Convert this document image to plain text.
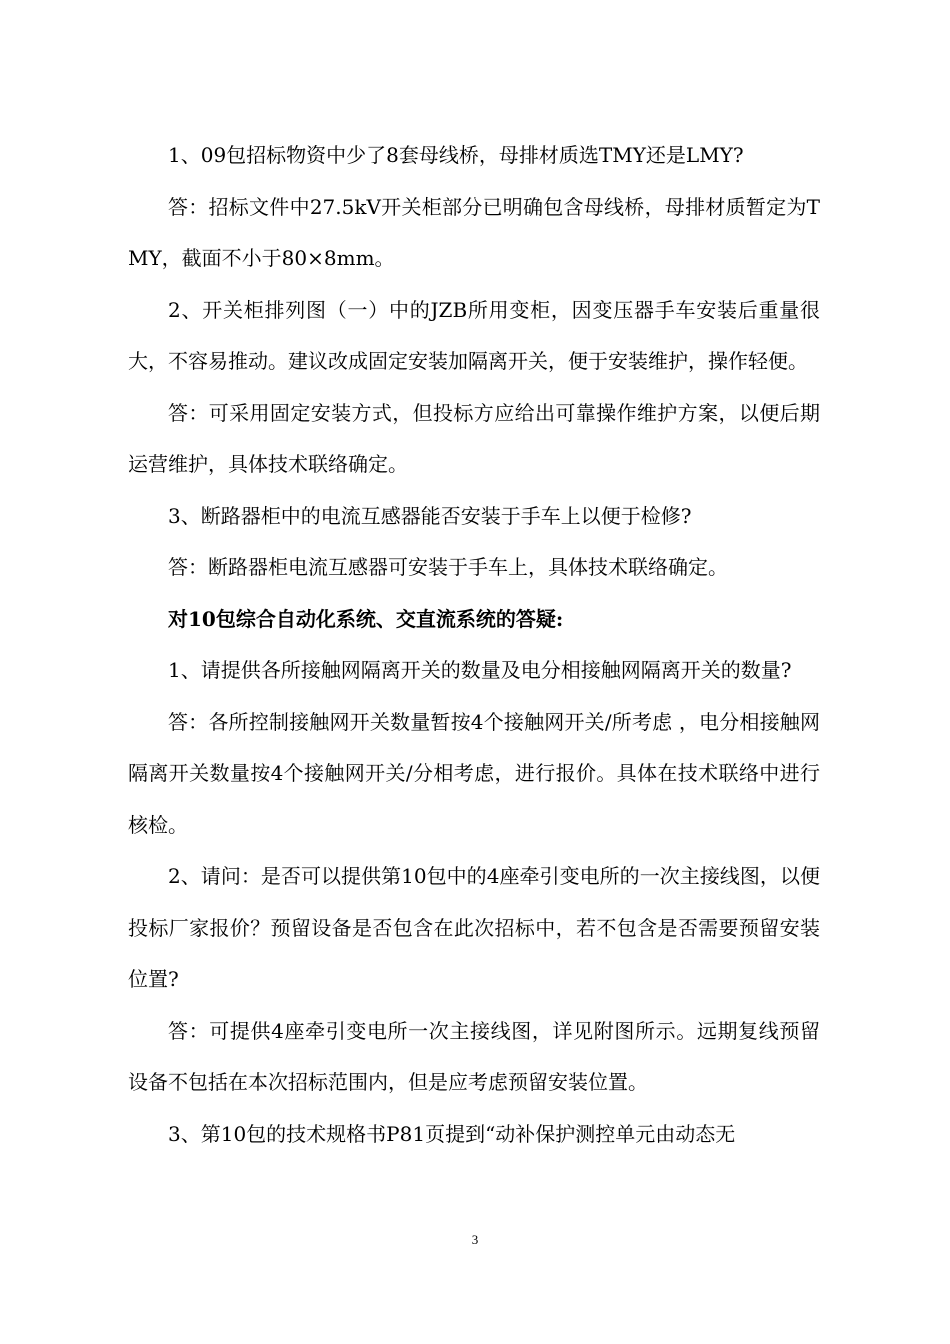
1、09包招标物资中少了8套母线桥，母排材质选TMY还是LMY?

答：招标文件中27.5kV开关柜部分已明确包含母线桥，母排材质暂定为TMY，截面不小于80×8mm。

2、开关柜排列图（一）中的JZB所用变柜，因变压器手车安装后重量很大，不容易推动。建议改成固定安装加隔离开关，便于安装维护，操作轻便。

答：可采用固定安装方式，但投标方应给出可靠操作维护方案，以便后期运营维护，具体技术联络确定。

3、断路器柜中的电流互感器能否安装于手车上以便于检修?

答：断路器柜电流互感器可安装于手车上，具体技术联络确定。

对10包综合自动化系统、交直流系统的答疑:

1、请提供各所接触网隔离开关的数量及电分相接触网隔离开关的数量?

答：各所控制接触网开关数量暂按4个接触网开关/所考虑 ，电分相接触网隔离开关数量按4个接触网开关/分相考虑，进行报价。具体在技术联络中进行核检。

2、请问：是否可以提供第10包中的4座牵引变电所的一次主接线图，以便投标厂家报价？预留设备是否包含在此次招标中，若不包含是否需要预留安装位置?

答：可提供4座牵引变电所一次主接线图，详见附图所示。远期复线预留设备不包括在本次招标范围内，但是应考虑预留安装位置。

3、第10包的技术规格书P81页提到“动补保护测控单元由动态无

3
